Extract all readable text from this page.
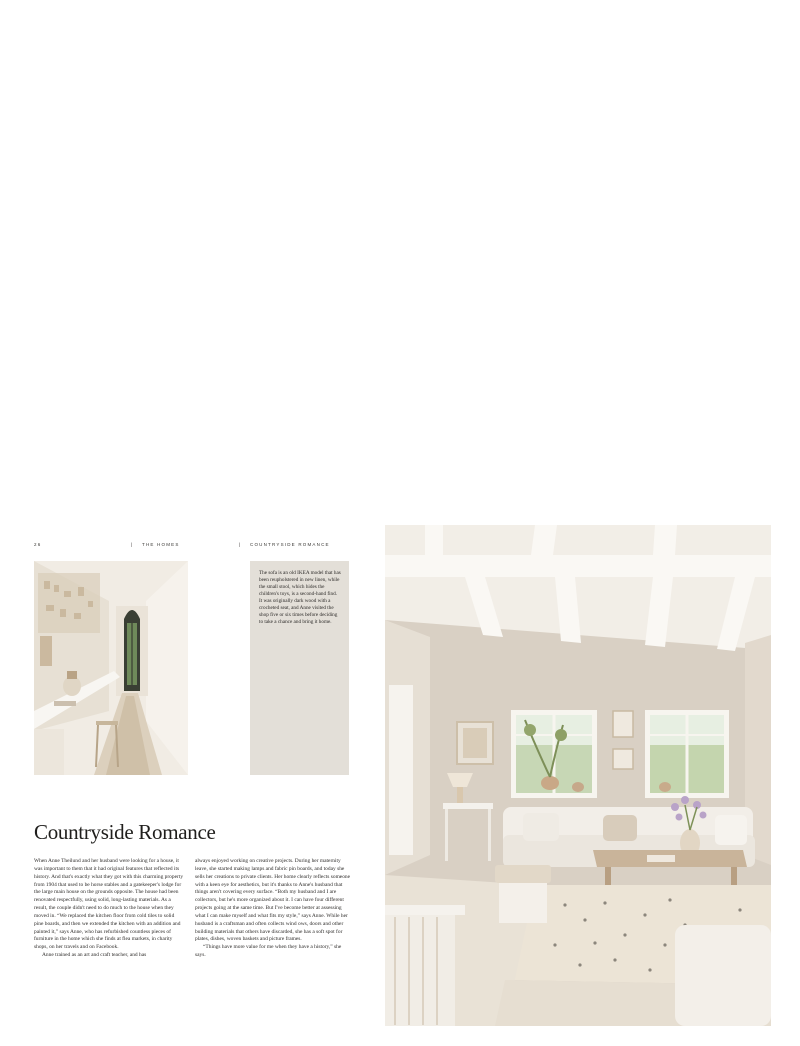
26	| THE HOMES	| COUNTRYSIDE ROMANCE
The sofa is an old IKEA model that has been reupholstered in new linen, while the small stool, which hides the children's toys, is a second-hand find. It was originally dark wood with a crocheted seat, and Anne visited the shop five or six times before deciding to take a chance and bring it home.
Countryside Romance

When Anne Theilund and her husband were looking for a house, it was important to them that it had original features that reflected its history. And that's exactly what they got with this charming property from 1904 that used to be horse stables and a gatekeeper's lodge for the large main house on the grounds opposite. The house had been renovated respectfully, using solid, long-lasting materials. As a result, the couple didn't need to do much to the house when they moved in. “We replaced the kitchen floor from cold tiles to solid pine boards, and then we extended the kitchen with an addition and painted it,” says Anne, who has refurbished countless pieces of furniture in the home which she finds at flea markets, in charity shops, on her travels and on Facebook.

Anne trained as an art and craft teacher, and has

always enjoyed working on creative projects. During her maternity leave, she started making lamps and fabric pin boards, and today she sells her creations to private clients. Her home clearly reflects someone with a keen eye for aesthetics, but it's thanks to Anne's husband that things aren't covering every surface. “Both my husband and I are collectors, but he's more organized about it. I can have four different projects going at the same time. But I've become better at assessing what I can make myself and what fits my style,” says Anne. While her husband is a craftsman and often collects wind ows, doors and other building materials that others have discarded, she has a soft spot for plates, dishes, woven baskets and picture frames.

“Things have more value for me when they have a history,” she says.
